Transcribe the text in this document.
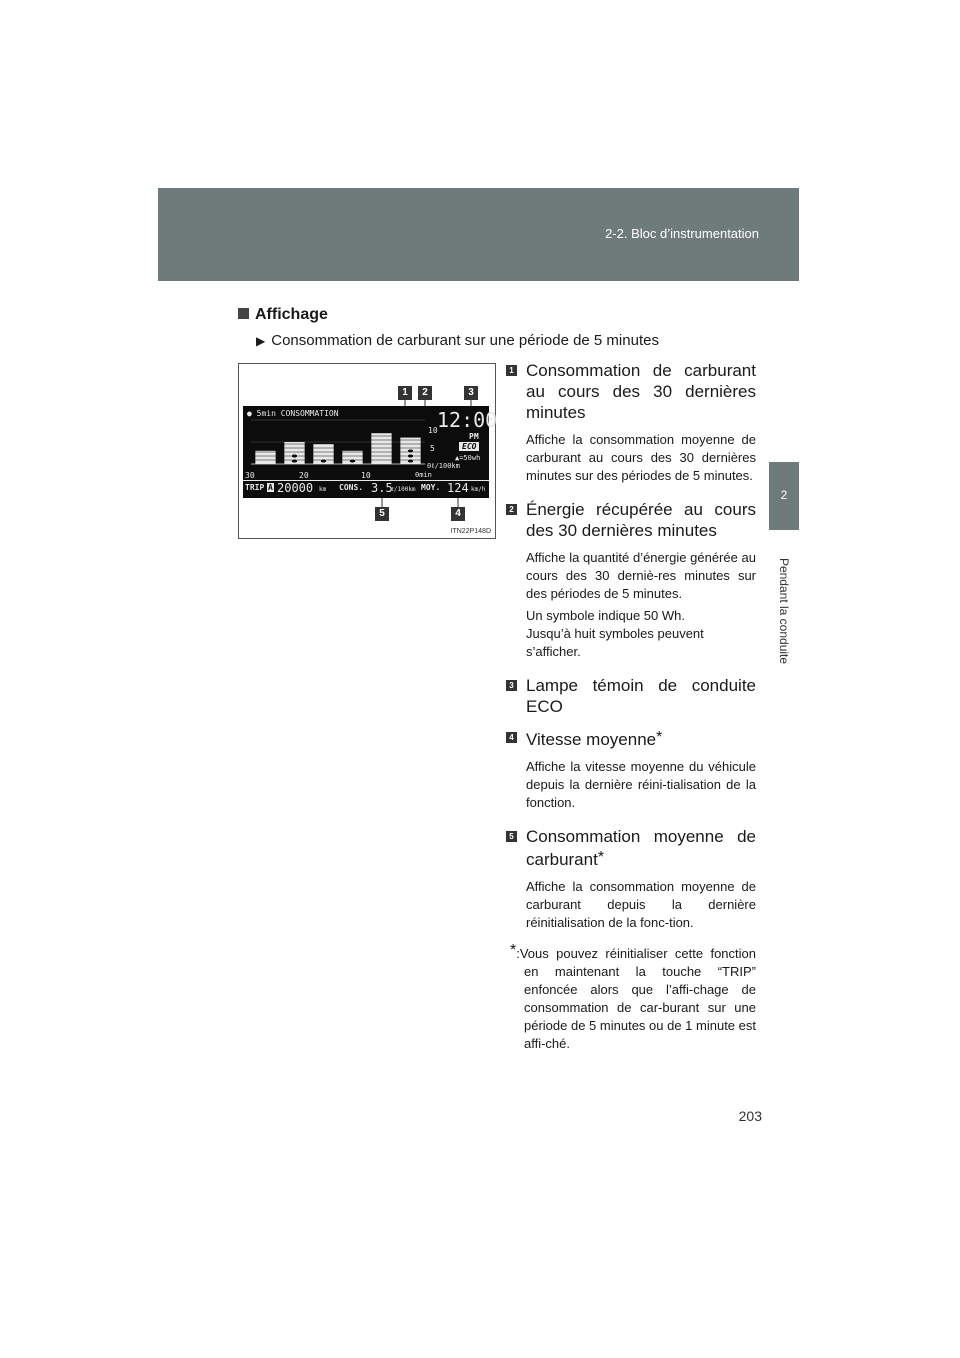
2-2. Bloc d’instrumentation
2
Pendant la conduite
Affichage
▶ Consommation de carburant sur une période de 5 minutes
1	2	3
4
5
● 5min CONSOMMATION	12:00
PM
ECO
▲=50wh
10
5
0ℓ/100km
30	20	10	0min
TRIP A 20000 km CONS. 3.5
ℓ/100km MOY. 124 km/h
ITN22P148D
1 Consommation de carburant au cours des 30 dernières minutes
Affiche la consommation moyenne de carburant au cours des 30 dernières minutes sur des périodes de 5 minutes.
2 Énergie récupérée au cours des 30 dernières minutes
Affiche la quantité d’énergie générée au cours des 30 derniè-res minutes sur des périodes de 5 minutes.
Un symbole indique 50 Wh.
Jusqu’à huit symboles peuvent s’afficher.
3 Lampe témoin de conduite ECO
4 Vitesse moyenne*
Affiche la vitesse moyenne du véhicule depuis la dernière réini-tialisation de la fonction.
5 Consommation moyenne de carburant*
Affiche la consommation moyenne de carburant depuis la dernière réinitialisation de la fonc-tion.
*:Vous pouvez réinitialiser cette fonction en maintenant la touche “TRIP” enfoncée alors que l’affi-chage de consommation de car-burant sur une période de 5 minutes ou de 1 minute est affi-ché.
203
